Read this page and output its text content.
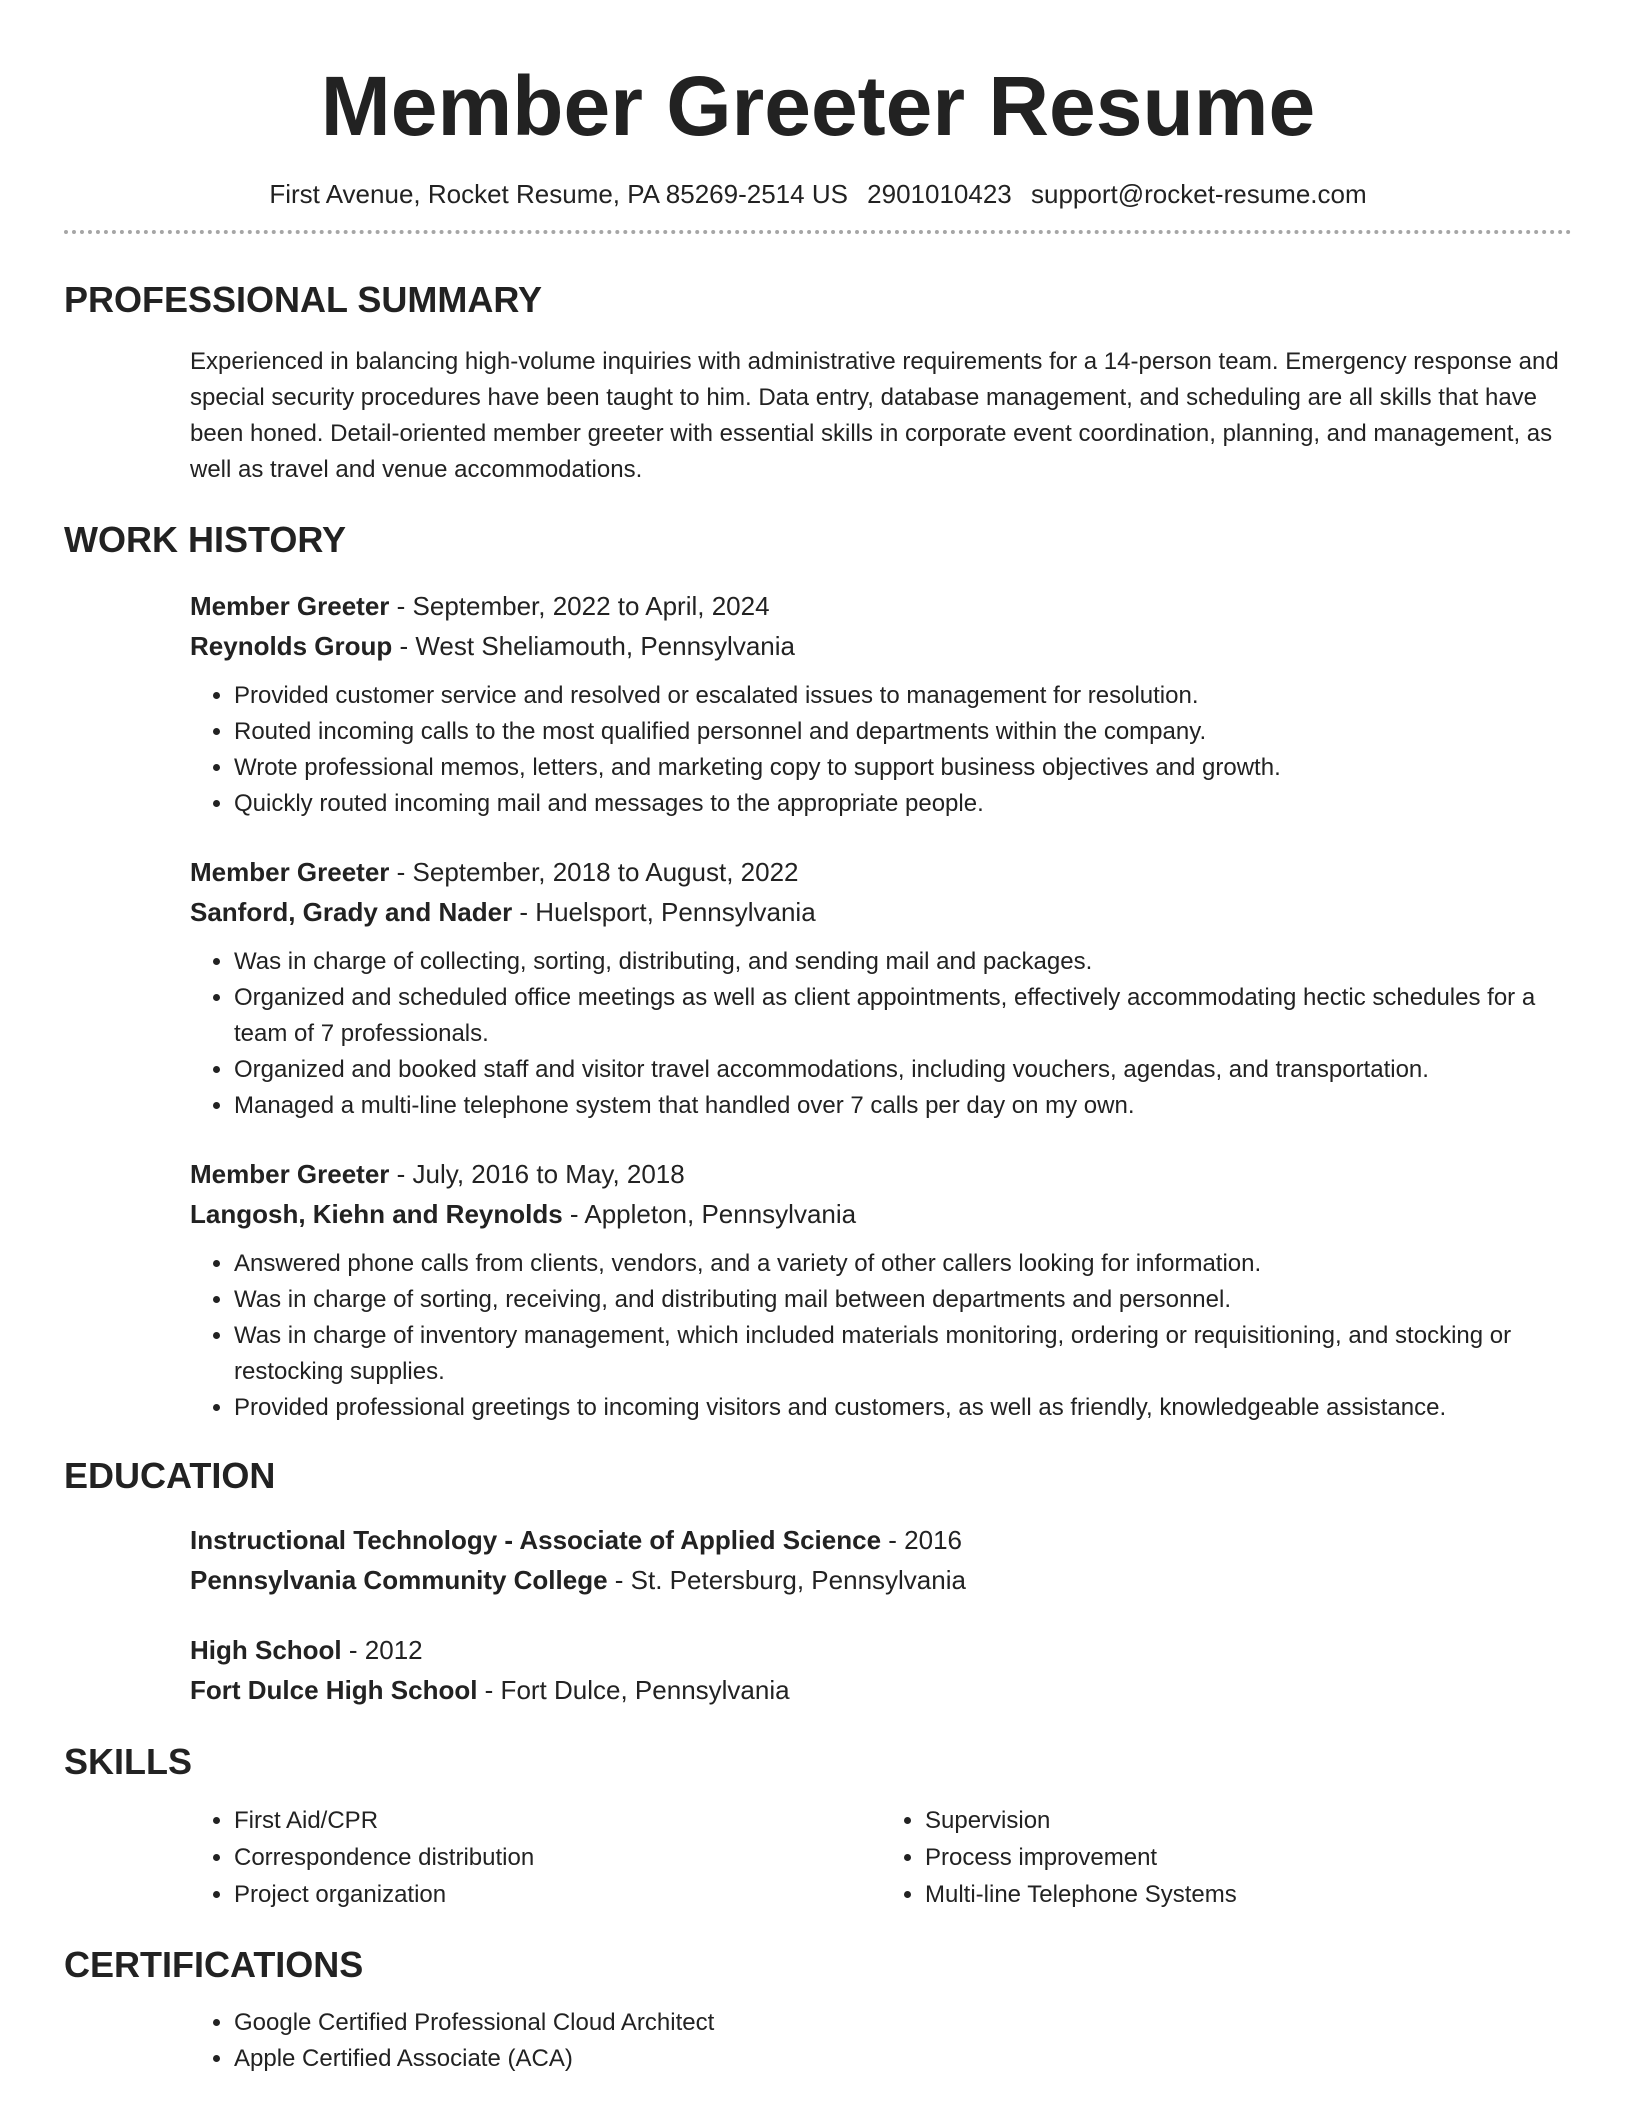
Member Greeter Resume
First Avenue, Rocket Resume, PA 85269-2514 US 2901010423 support@rocket-resume.com
PROFESSIONAL SUMMARY

Experienced in balancing high-volume inquiries with administrative requirements for a 14-person team. Emergency response and special security procedures have been taught to him. Data entry, database management, and scheduling are all skills that have been honed. Detail-oriented member greeter with essential skills in corporate event coordination, planning, and management, as well as travel and venue accommodations.

WORK HISTORY
Member Greeter - September, 2022 to April, 2024
Reynolds Group - West Sheliamouth, Pennsylvania
• Provided customer service and resolved or escalated issues to management for resolution.
• Routed incoming calls to the most qualified personnel and departments within the company.
• Wrote professional memos, letters, and marketing copy to support business objectives and growth.
• Quickly routed incoming mail and messages to the appropriate people.
Member Greeter - September, 2018 to August, 2022
Sanford, Grady and Nader - Huelsport, Pennsylvania
• Was in charge of collecting, sorting, distributing, and sending mail and packages.
• Organized and scheduled office meetings as well as client appointments, effectively accommodating hectic schedules for a team of 7 professionals.
• Organized and booked staff and visitor travel accommodations, including vouchers, agendas, and transportation.
• Managed a multi-line telephone system that handled over 7 calls per day on my own.
Member Greeter - July, 2016 to May, 2018
Langosh, Kiehn and Reynolds - Appleton, Pennsylvania
• Answered phone calls from clients, vendors, and a variety of other callers looking for information.
• Was in charge of sorting, receiving, and distributing mail between departments and personnel.
• Was in charge of inventory management, which included materials monitoring, ordering or requisitioning, and stocking or restocking supplies.
• Provided professional greetings to incoming visitors and customers, as well as friendly, knowledgeable assistance.
EDUCATION
Instructional Technology - Associate of Applied Science - 2016
Pennsylvania Community College - St. Petersburg, Pennsylvania
High School - 2012
Fort Dulce High School - Fort Dulce, Pennsylvania
SKILLS
• First Aid/CPR
• Correspondence distribution
• Project organization
• Supervision
• Process improvement
• Multi-line Telephone Systems
CERTIFICATIONS
• Google Certified Professional Cloud Architect
• Apple Certified Associate (ACA)
